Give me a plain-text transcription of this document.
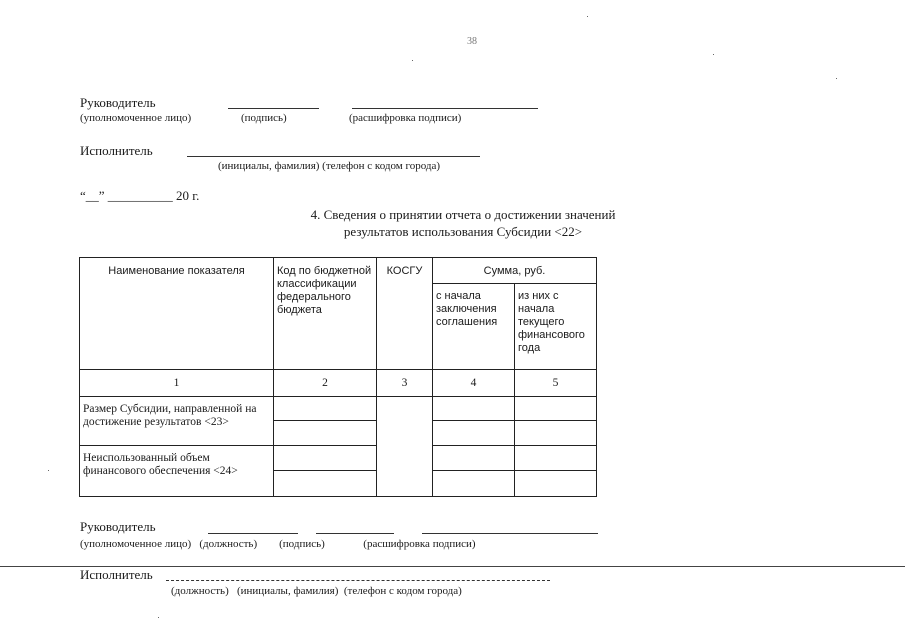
38
Руководитель
(уполномоченное лицо)	(подпись)	(расшифровка подписи)
Исполнитель
(инициалы, фамилия) (телефон с кодом города)
“__” __________ 20 г.
4. Сведения о принятии отчета о достижении значений
результатов использования Субсидии <22>
Наименование показателя	Код по бюджетной классификации федерального бюджета	КОСГУ	Сумма, руб.	
			с начала заключения соглашения	из них с начала текущего финансового года
1	2	3	4	5
Размер Субсидии, направленной на достижение результатов <23>				

Неиспользованный объем финансового обеспечения <24>				

Руководитель
(уполномоченное лицо)   (должность)        (подпись)              (расшифровка подписи)
Исполнитель
(должность)   (инициалы, фамилия)  (телефон с кодом города)
